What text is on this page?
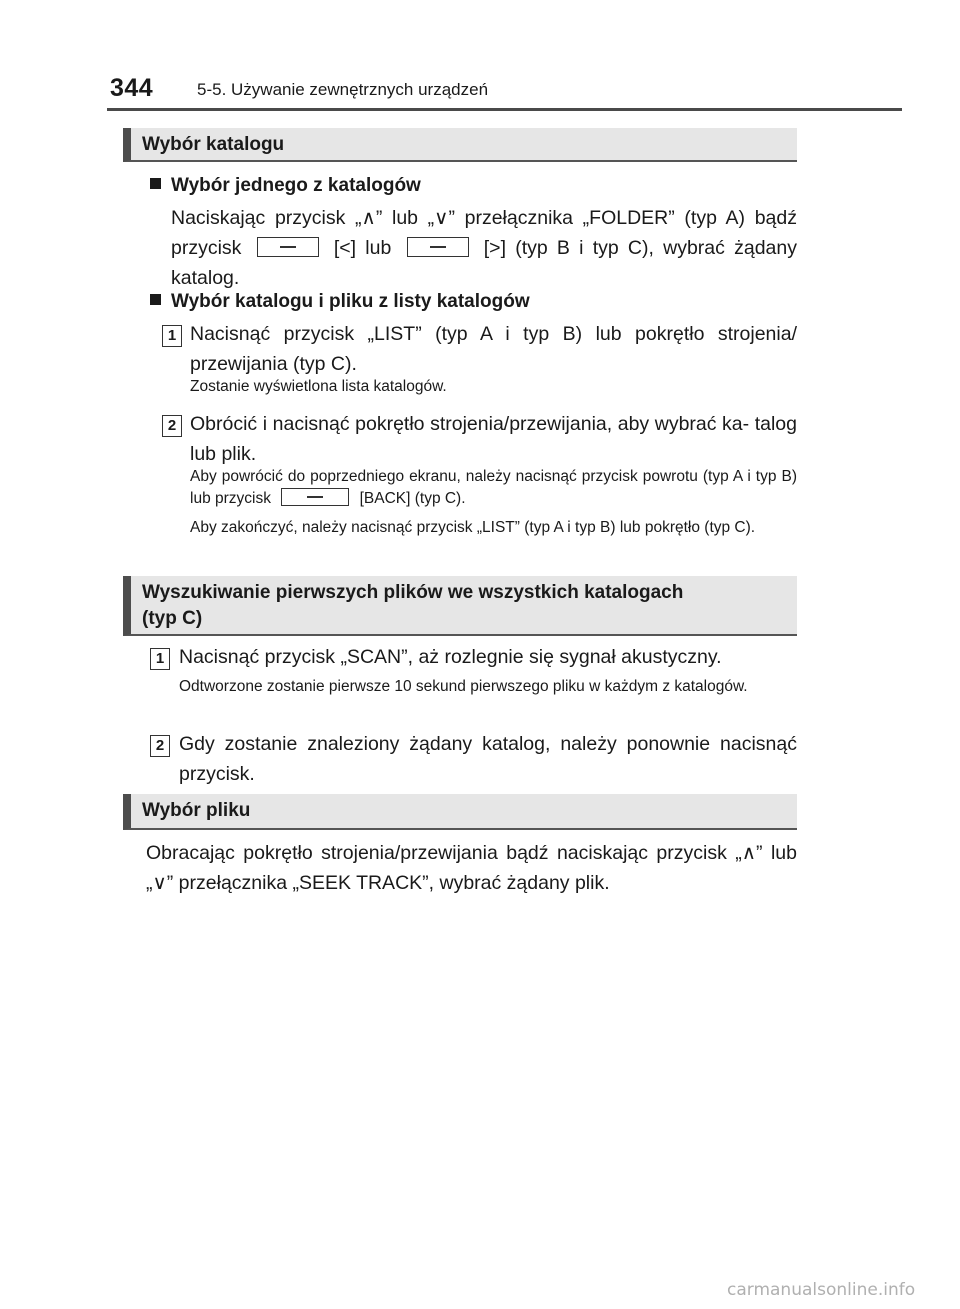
344	5-5. Używanie zewnętrznych urządzeń
Wybór katalogu
Wybór jednego z katalogów
Naciskając przycisk „∧” lub „∨” przełącznika „FOLDER” (typ A) bądź przycisk	[<] lub	[>] (typ B i typ C), wybrać żądany katalog.
Wybór katalogu i pliku z listy katalogów
1 Nacisnąć przycisk „LIST” (typ A i typ B) lub pokrętło strojenia/ przewijania (typ C).
Zostanie wyświetlona lista katalogów.
2 Obrócić i nacisnąć pokrętło strojenia/przewijania, aby wybrać ka- talog lub plik.
Aby powrócić do poprzedniego ekranu, należy nacisnąć przycisk powrotu (typ A i typ B) lub przycisk	[BACK] (typ C).
Aby zakończyć, należy nacisnąć przycisk „LIST” (typ A i typ B) lub pokrętło (typ C).
Wyszukiwanie pierwszych plików we wszystkich katalogach
(typ C)
1 Nacisnąć przycisk „SCAN”, aż rozlegnie się sygnał akustyczny.
Odtworzone zostanie pierwsze 10 sekund pierwszego pliku w każdym z katalogów.
2 Gdy zostanie znaleziony żądany katalog, należy ponownie nacisnąć przycisk.
Wybór pliku
Obracając pokrętło strojenia/przewijania bądź naciskając przycisk „∧” lub „∨” przełącznika „SEEK TRACK”, wybrać żądany plik.
carmanualsonline.info
